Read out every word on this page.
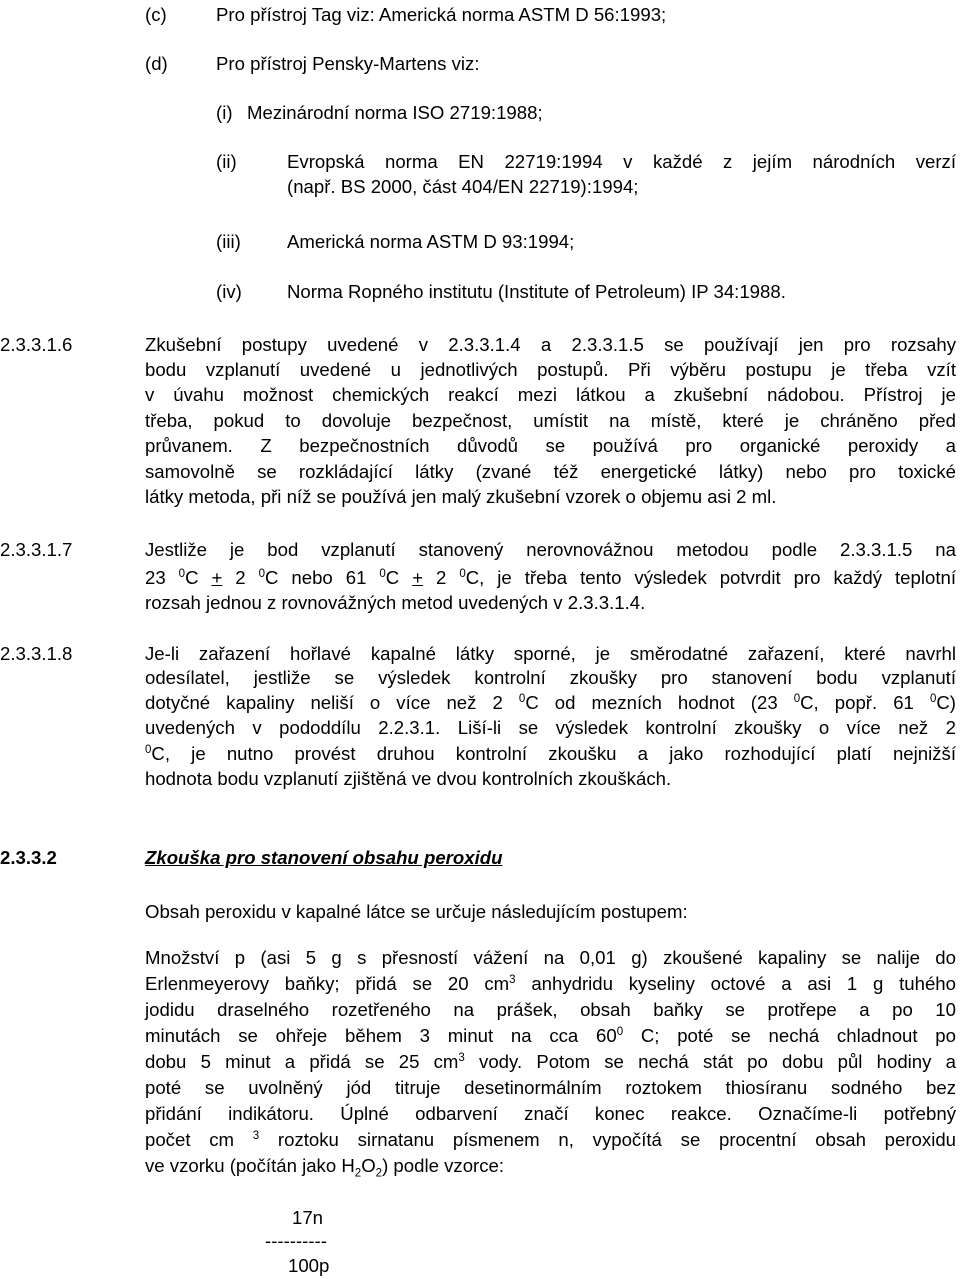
(c)	Pro přístroj Tag viz: Americká norma ASTM D 56:1993;
(d)	Pro přístroj Pensky-Martens viz:
(i) Mezinárodní norma ISO 2719:1988;
(ii)	Evropská norma EN 22719:1994 v každé z jejím národních verzí
(např. BS 2000, část 404/EN 22719):1994;
(iii) Americká norma ASTM D 93:1994;
(iv) Norma Ropného institutu (Institute of Petroleum) IP 34:1988.
2.3.3.1.6	Zkušební postupy uvedené v 2.3.3.1.4 a 2.3.3.1.5 se používají jen pro rozsahy
bodu vzplanutí uvedené u jednotlivých postupů. Při výběru postupu je třeba vzít
v úvahu možnost chemických reakcí mezi látkou a zkušební nádobou. Přístroj je
třeba, pokud to dovoluje bezpečnost, umístit na místě, které je chráněno před
průvanem. Z bezpečnostních důvodů se používá pro organické peroxidy a
samovolně se rozkládající látky (zvané též energetické látky) nebo pro toxické
látky metoda, při níž se používá jen malý zkušební vzorek o objemu asi 2 ml.
2.3.3.1.7	Jestliže je bod vzplanutí stanovený nerovnovážnou metodou podle 2.3.3.1.5 na
23 $^0$C + 2 $^0$C nebo 61 $^0$C + 2 $^0$C, je třeba tento výsledek potvrdit pro každý teplotní
rozsah jednou z rovnovážných metod uvedených v 2.3.3.1.4.
2.3.3.1.8	Je-li zařazení hořlavé kapalné látky sporné, je směrodatné zařazení, které navrhl
odesílatel, jestliže se výsledek kontrolní zkoušky pro stanovení bodu vzplanutí
dotyčné kapaliny neliší o více než 2 $^0$C od mezních hodnot (23 $^0$C, popř. 61 $^0$C)
uvedených v pododdílu 2.2.3.1. Liší-li se výsledek kontrolní zkoušky o více než 2
$^0$C, je nutno provést druhou kontrolní zkoušku a jako rozhodující platí nejnižší
hodnota bodu vzplanutí zjištěná ve dvou kontrolních zkouškách.
2.3.3.2	Zkouška pro stanovení obsahu peroxidu
Obsah peroxidu v kapalné látce se určuje následujícím postupem:
Množství p (asi 5 g s přesností vážení na 0,01 g) zkoušené kapaliny se nalije do
Erlenmeyerovy baňky; přidá se 20 $cm^3$ anhydridu kyseliny octové a asi 1 g tuhého
jodidu draselného rozetřeného na prášek, obsah baňky se protřepe a po 10
minutách se ohřeje během 3 minut na cca $60^0$ C; poté se nechá chladnout po
dobu 5 minut a přidá se 25 $cm^3$ vody. Potom se nechá stát po dobu půl hodiny a
poté se uvolněný jód titruje desetinormálním roztokem thiosíranu sodného bez
přidání indikátoru. Úplné odbarvení značí konec reakce. Označíme-li potřebný
počet cm $^3$ roztoku sirnatanu písmenem n, vypočítá se procentní obsah peroxidu
ve vzorku (počítán jako $H_2O_2$) podle vzorce:
17n
----------
100p
